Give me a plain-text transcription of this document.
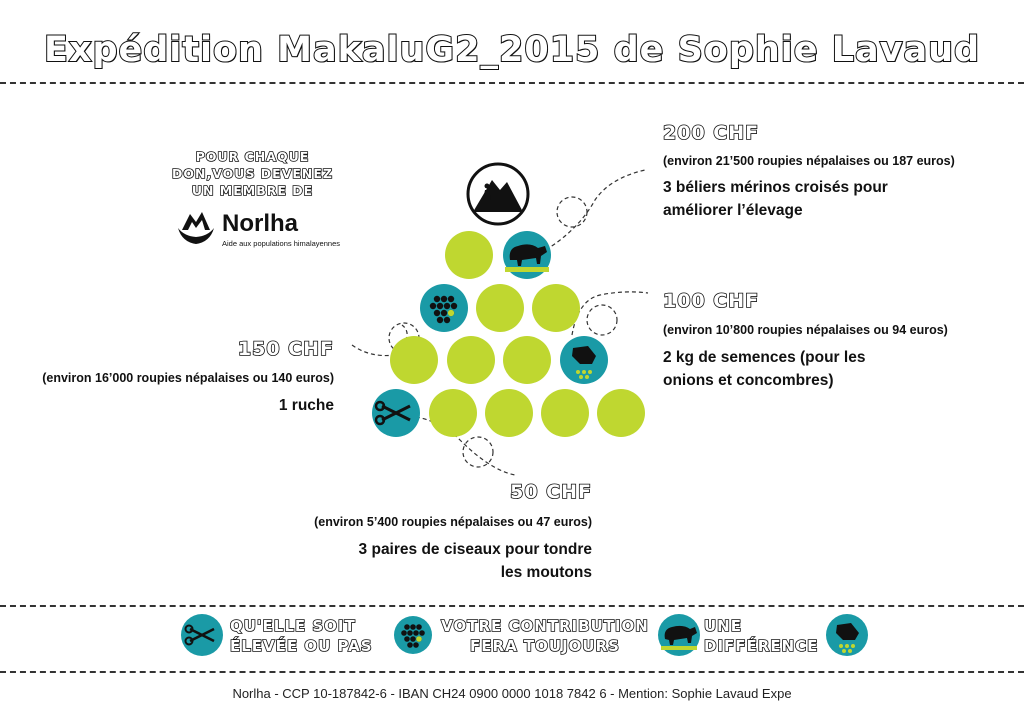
Expédition MakaluG2_2015 de Sophie Lavaud
POUR CHAQUE
DON,VOUS DEVENEZ
UN MEMBRE DE
Norlha
Aide aux populations himalayennes
200 CHF
(environ 21’500 roupies népalaises ou 187 euros)
3 béliers mérinos croisés pour
améliorer l’élevage
100 CHF
(environ 10’800 roupies népalaises ou 94 euros)
2 kg de semences (pour les
onions et concombres)
150 CHF
(environ 16’000 roupies népalaises ou 140 euros)
1 ruche
50 CHF
(environ 5’400 roupies népalaises ou 47 euros)
3 paires de ciseaux pour tondre
les moutons
QU'ELLE SOIT
ÉLEVÉE OU PAS
VOTRE CONTRIBUTION
FERA TOUJOURS
UNE
DIFFÉRENCE
Norlha - CCP 10-187842-6 - IBAN CH24 0900 0000 1018 7842 6 - Mention: Sophie Lavaud Expe
